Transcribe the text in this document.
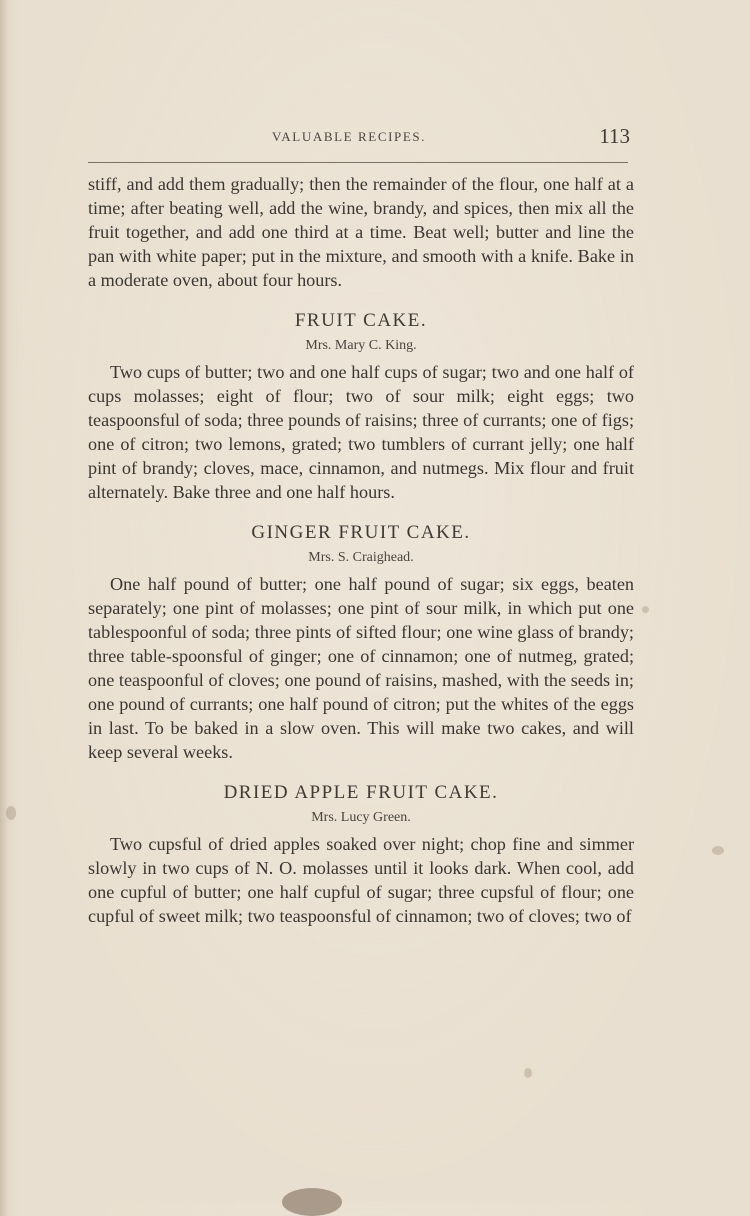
VALUABLE RECIPES.	113

stiff, and add them gradually; then the remainder of the flour, one half at a time; after beating well, add the wine, brandy, and spices, then mix all the fruit together, and add one third at a time. Beat well; butter and line the pan with white paper; put in the mixture, and smooth with a knife. Bake in a moderate oven, about four hours.

FRUIT CAKE.
Mrs. Mary C. King.

Two cups of butter; two and one half cups of sugar; two and one half of cups molasses; eight of flour; two of sour milk; eight eggs; two teaspoonsful of soda; three pounds of raisins; three of currants; one of figs; one of citron; two lemons, grated; two tumblers of currant jelly; one half pint of brandy; cloves, mace, cinnamon, and nutmegs. Mix flour and fruit alternately. Bake three and one half hours.

GINGER FRUIT CAKE.
Mrs. S. Craighead.

One half pound of butter; one half pound of sugar; six eggs, beaten separately; one pint of molasses; one pint of sour milk, in which put one tablespoonful of soda; three pints of sifted flour; one wine glass of brandy; three table-spoonsful of ginger; one of cinnamon; one of nutmeg, grated; one teaspoonful of cloves; one pound of raisins, mashed, with the seeds in; one pound of currants; one half pound of citron; put the whites of the eggs in last. To be baked in a slow oven. This will make two cakes, and will keep several weeks.

DRIED APPLE FRUIT CAKE.
Mrs. Lucy Green.

Two cupsful of dried apples soaked over night; chop fine and simmer slowly in two cups of N. O. molasses until it looks dark. When cool, add one cupful of butter; one half cupful of sugar; three cupsful of flour; one cupful of sweet milk; two teaspoonsful of cinnamon; two of cloves; two of
